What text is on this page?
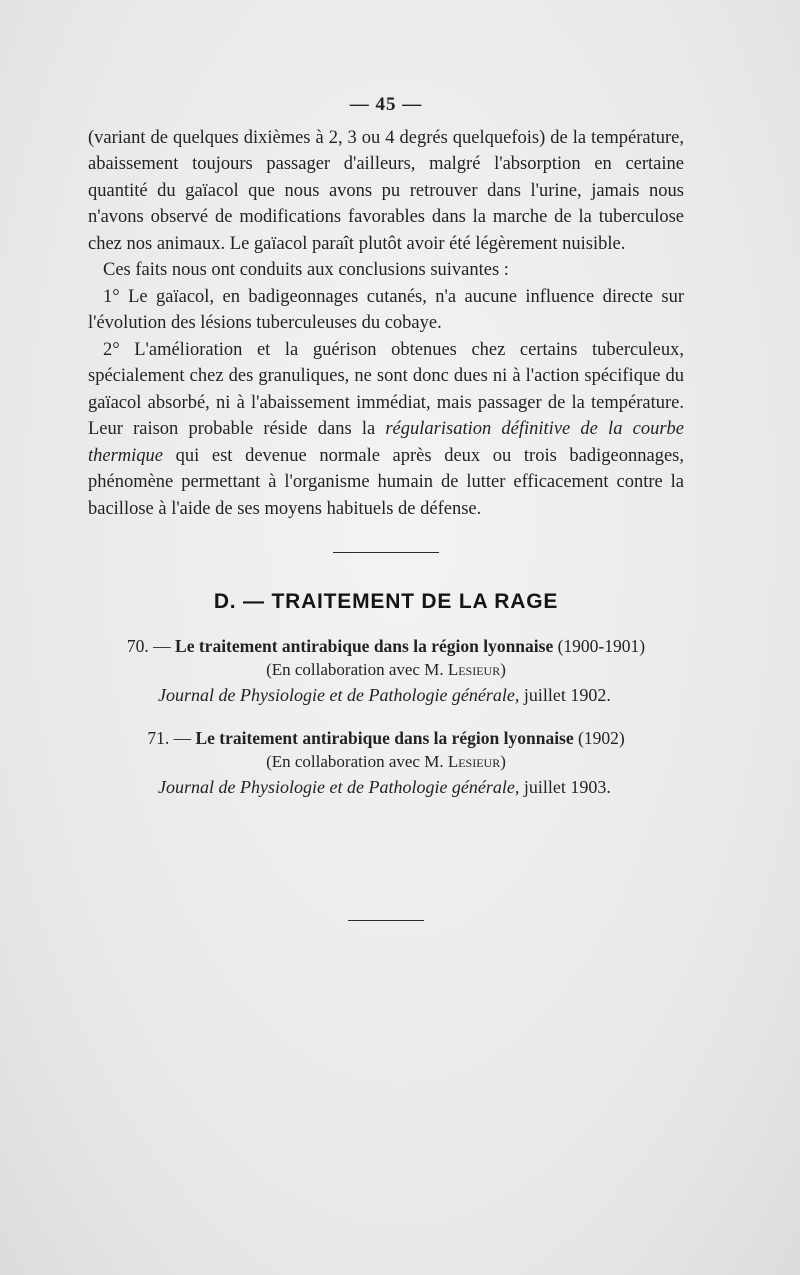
— 45 —

(variant de quelques dixièmes à 2, 3 ou 4 degrés quelquefois) de la température, abaissement toujours passager d'ailleurs, malgré l'absorption en certaine quantité du gaïacol que nous avons pu retrouver dans l'urine, jamais nous n'avons observé de modifications favorables dans la marche de la tuberculose chez nos animaux. Le gaïacol paraît plutôt avoir été légèrement nuisible.

Ces faits nous ont conduits aux conclusions suivantes :

1° Le gaïacol, en badigeonnages cutanés, n'a aucune influence directe sur l'évolution des lésions tuberculeuses du cobaye.

2° L'amélioration et la guérison obtenues chez certains tuberculeux, spécialement chez des granuliques, ne sont donc dues ni à l'action spécifique du gaïacol absorbé, ni à l'abaissement immédiat, mais passager de la température. Leur raison probable réside dans la régularisation définitive de la courbe thermique qui est devenue normale après deux ou trois badigeonnages, phénomène permettant à l'organisme humain de lutter efficacement contre la bacillose à l'aide de ses moyens habituels de défense.

D. — TRAITEMENT DE LA RAGE
70. — Le traitement antirabique dans la région lyonnaise (1900-1901)
(En collaboration avec M. Lesieur)
Journal de Physiologie et de Pathologie générale, juillet 1902.
71. — Le traitement antirabique dans la région lyonnaise (1902)
(En collaboration avec M. Lesieur)
Journal de Physiologie et de Pathologie générale, juillet 1903.
